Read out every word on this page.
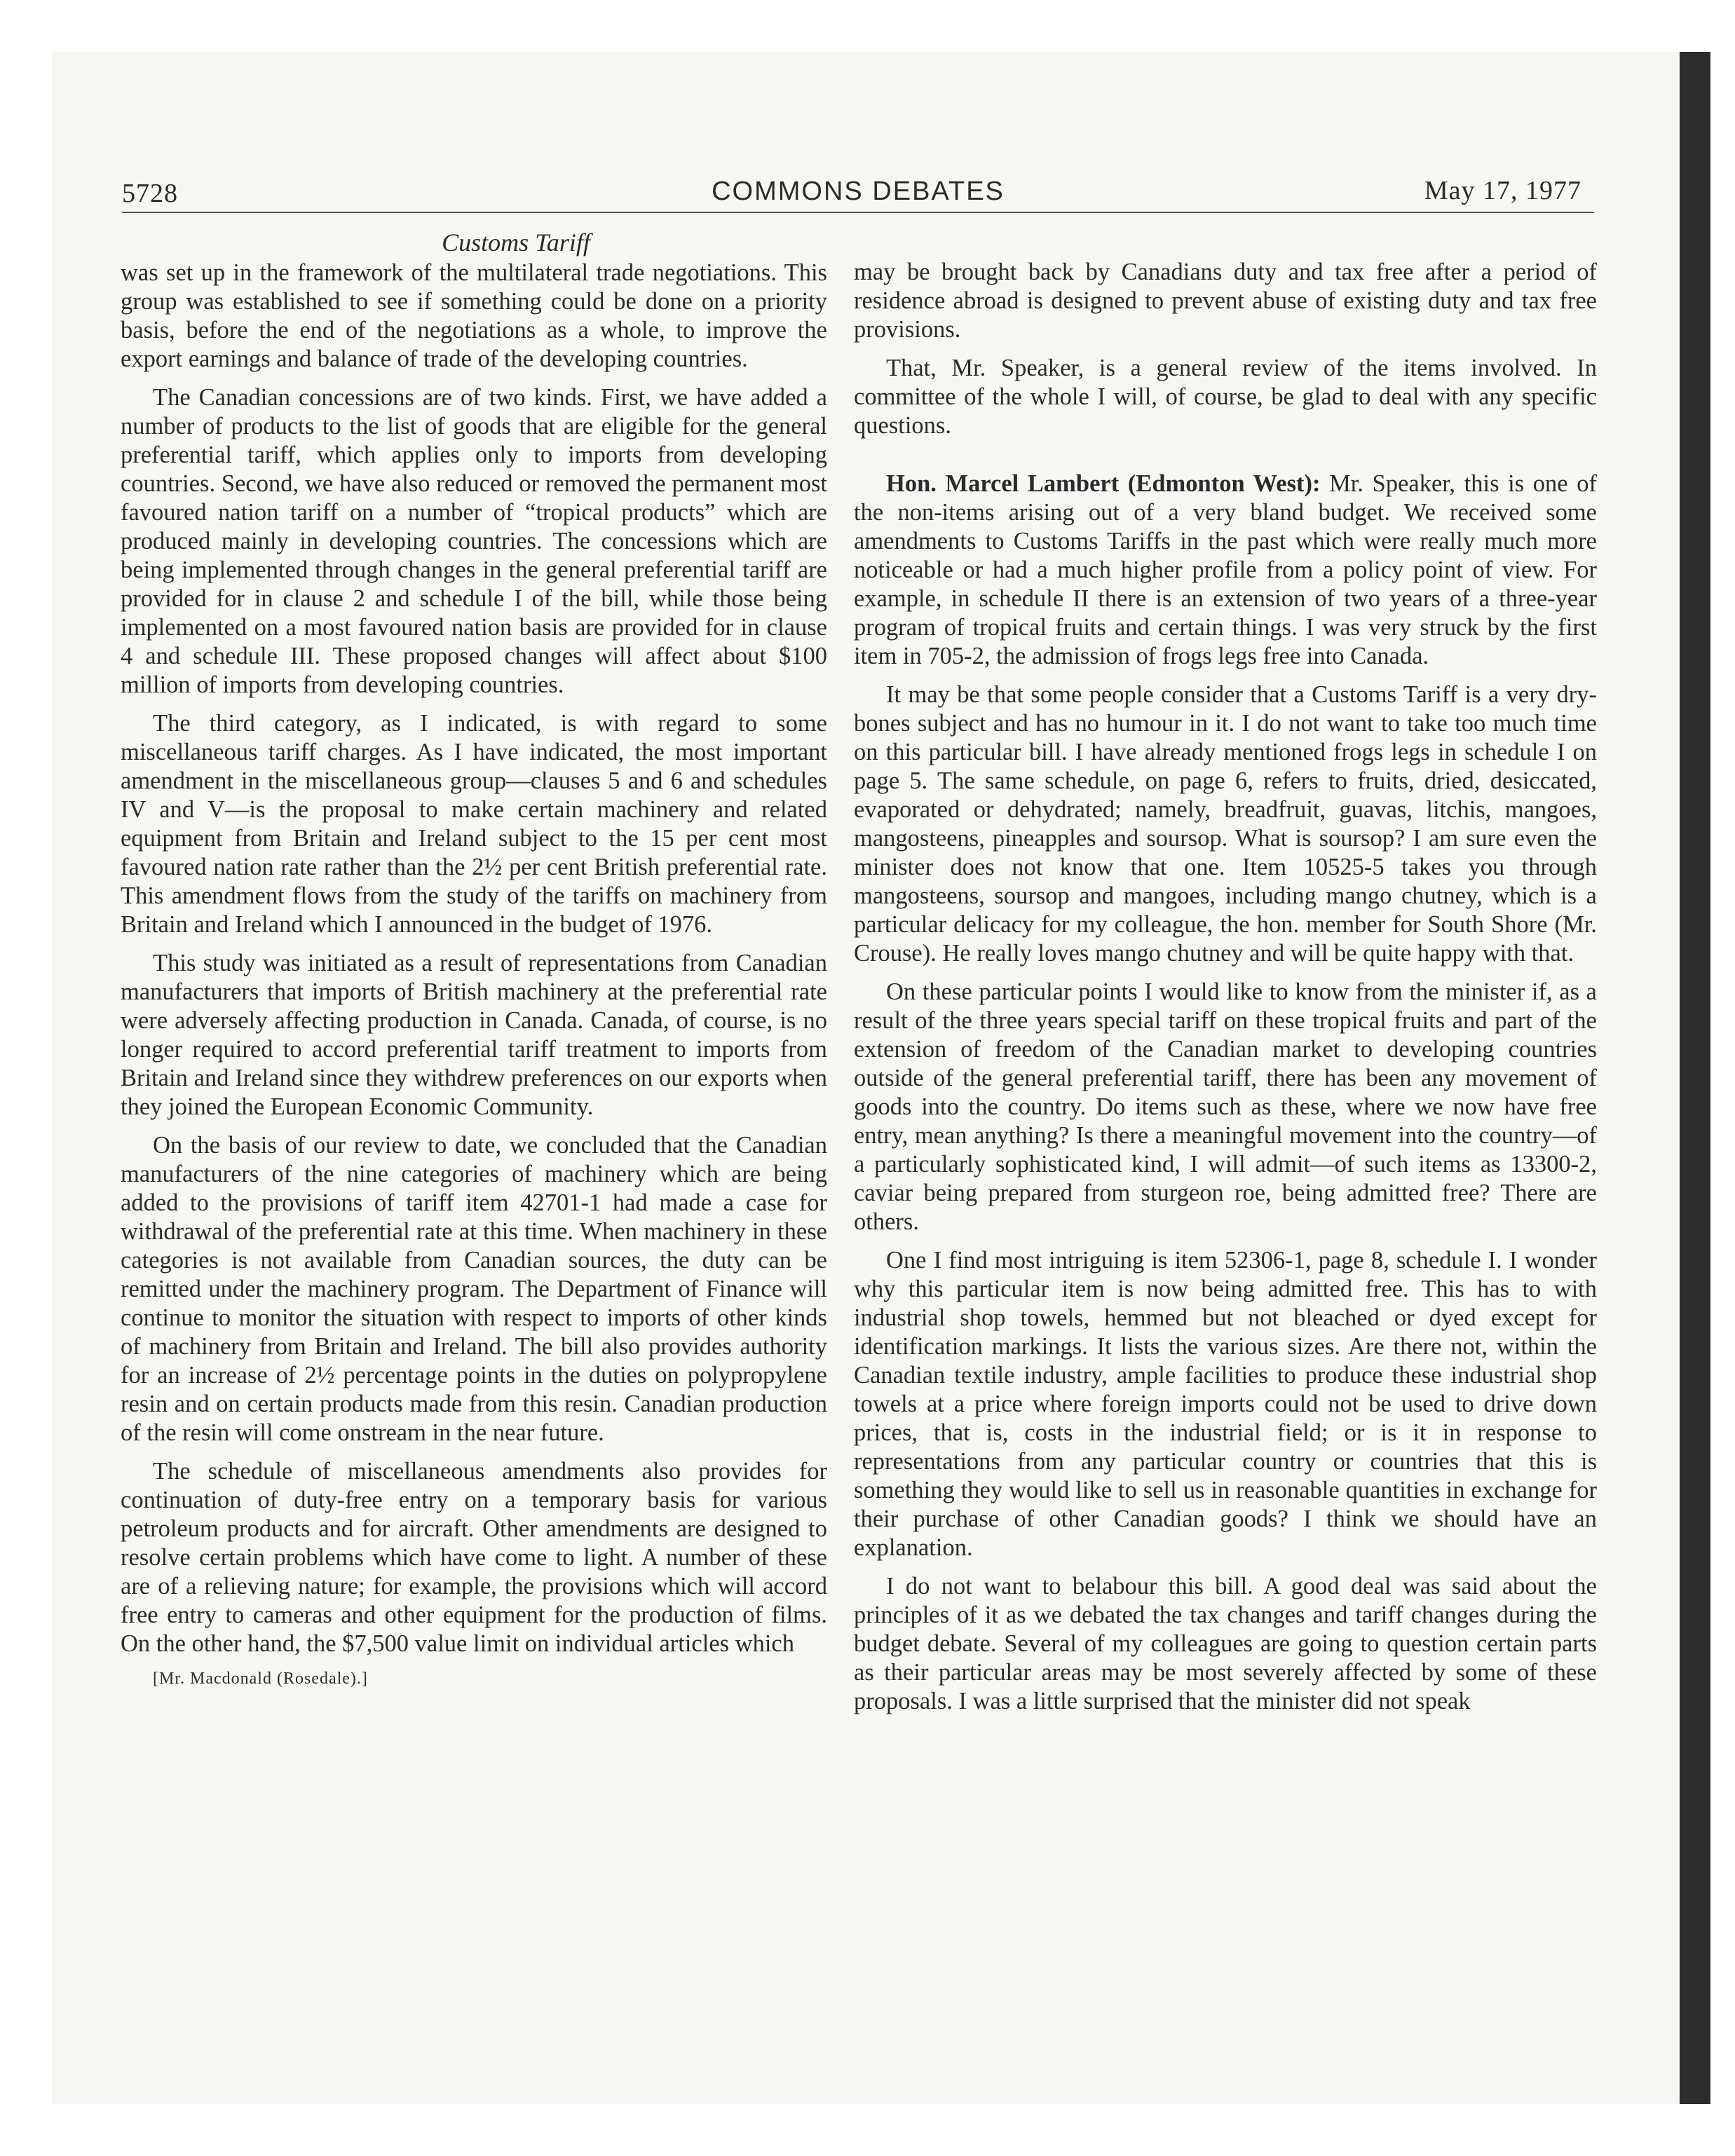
5728	COMMONS DEBATES	May 17, 1977
Customs Tariff

was set up in the framework of the multilateral trade negotiations. This group was established to see if something could be done on a priority basis, before the end of the negotiations as a whole, to improve the export earnings and balance of trade of the developing countries.

The Canadian concessions are of two kinds. First, we have added a number of products to the list of goods that are eligible for the general preferential tariff, which applies only to imports from developing countries. Second, we have also reduced or removed the permanent most favoured nation tariff on a number of “tropical products” which are produced mainly in developing countries. The concessions which are being implemented through changes in the general preferential tariff are provided for in clause 2 and schedule I of the bill, while those being implemented on a most favoured nation basis are provided for in clause 4 and schedule III. These proposed changes will affect about $100 million of imports from developing countries.

The third category, as I indicated, is with regard to some miscellaneous tariff charges. As I have indicated, the most important amendment in the miscellaneous group—clauses 5 and 6 and schedules IV and V—is the proposal to make certain machinery and related equipment from Britain and Ireland subject to the 15 per cent most favoured nation rate rather than the 2½ per cent British preferential rate. This amendment flows from the study of the tariffs on machinery from Britain and Ireland which I announced in the budget of 1976.

This study was initiated as a result of representations from Canadian manufacturers that imports of British machinery at the preferential rate were adversely affecting production in Canada. Canada, of course, is no longer required to accord preferential tariff treatment to imports from Britain and Ireland since they withdrew preferences on our exports when they joined the European Economic Community.

On the basis of our review to date, we concluded that the Canadian manufacturers of the nine categories of machinery which are being added to the provisions of tariff item 42701-1 had made a case for withdrawal of the preferential rate at this time. When machinery in these categories is not available from Canadian sources, the duty can be remitted under the machinery program. The Department of Finance will continue to monitor the situation with respect to imports of other kinds of machinery from Britain and Ireland. The bill also provides authority for an increase of 2½ percentage points in the duties on polypropylene resin and on certain products made from this resin. Canadian production of the resin will come onstream in the near future.

The schedule of miscellaneous amendments also provides for continuation of duty-free entry on a temporary basis for various petroleum products and for aircraft. Other amendments are designed to resolve certain problems which have come to light. A number of these are of a relieving nature; for example, the provisions which will accord free entry to cameras and other equipment for the production of films. On the other hand, the $7,500 value limit on individual articles which

[Mr. Macdonald (Rosedale).]

may be brought back by Canadians duty and tax free after a period of residence abroad is designed to prevent abuse of existing duty and tax free provisions.

That, Mr. Speaker, is a general review of the items involved. In committee of the whole I will, of course, be glad to deal with any specific questions.

Hon. Marcel Lambert (Edmonton West): Mr. Speaker, this is one of the non-items arising out of a very bland budget. We received some amendments to Customs Tariffs in the past which were really much more noticeable or had a much higher profile from a policy point of view. For example, in schedule II there is an extension of two years of a three-year program of tropical fruits and certain things. I was very struck by the first item in 705-2, the admission of frogs legs free into Canada.

It may be that some people consider that a Customs Tariff is a very dry-bones subject and has no humour in it. I do not want to take too much time on this particular bill. I have already mentioned frogs legs in schedule I on page 5. The same schedule, on page 6, refers to fruits, dried, desiccated, evaporated or dehydrated; namely, breadfruit, guavas, litchis, mangoes, mangosteens, pineapples and soursop. What is soursop? I am sure even the minister does not know that one. Item 10525-5 takes you through mangosteens, soursop and mangoes, including mango chutney, which is a particular delicacy for my colleague, the hon. member for South Shore (Mr. Crouse). He really loves mango chutney and will be quite happy with that.

On these particular points I would like to know from the minister if, as a result of the three years special tariff on these tropical fruits and part of the extension of freedom of the Canadian market to developing countries outside of the general preferential tariff, there has been any movement of goods into the country. Do items such as these, where we now have free entry, mean anything? Is there a meaningful movement into the country—of a particularly sophisticated kind, I will admit—of such items as 13300-2, caviar being prepared from sturgeon roe, being admitted free? There are others.

One I find most intriguing is item 52306-1, page 8, schedule I. I wonder why this particular item is now being admitted free. This has to with industrial shop towels, hemmed but not bleached or dyed except for identification markings. It lists the various sizes. Are there not, within the Canadian textile industry, ample facilities to produce these industrial shop towels at a price where foreign imports could not be used to drive down prices, that is, costs in the industrial field; or is it in response to representations from any particular country or countries that this is something they would like to sell us in reasonable quantities in exchange for their purchase of other Canadian goods? I think we should have an explanation.

I do not want to belabour this bill. A good deal was said about the principles of it as we debated the tax changes and tariff changes during the budget debate. Several of my colleagues are going to question certain parts as their particular areas may be most severely affected by some of these proposals. I was a little surprised that the minister did not speak
